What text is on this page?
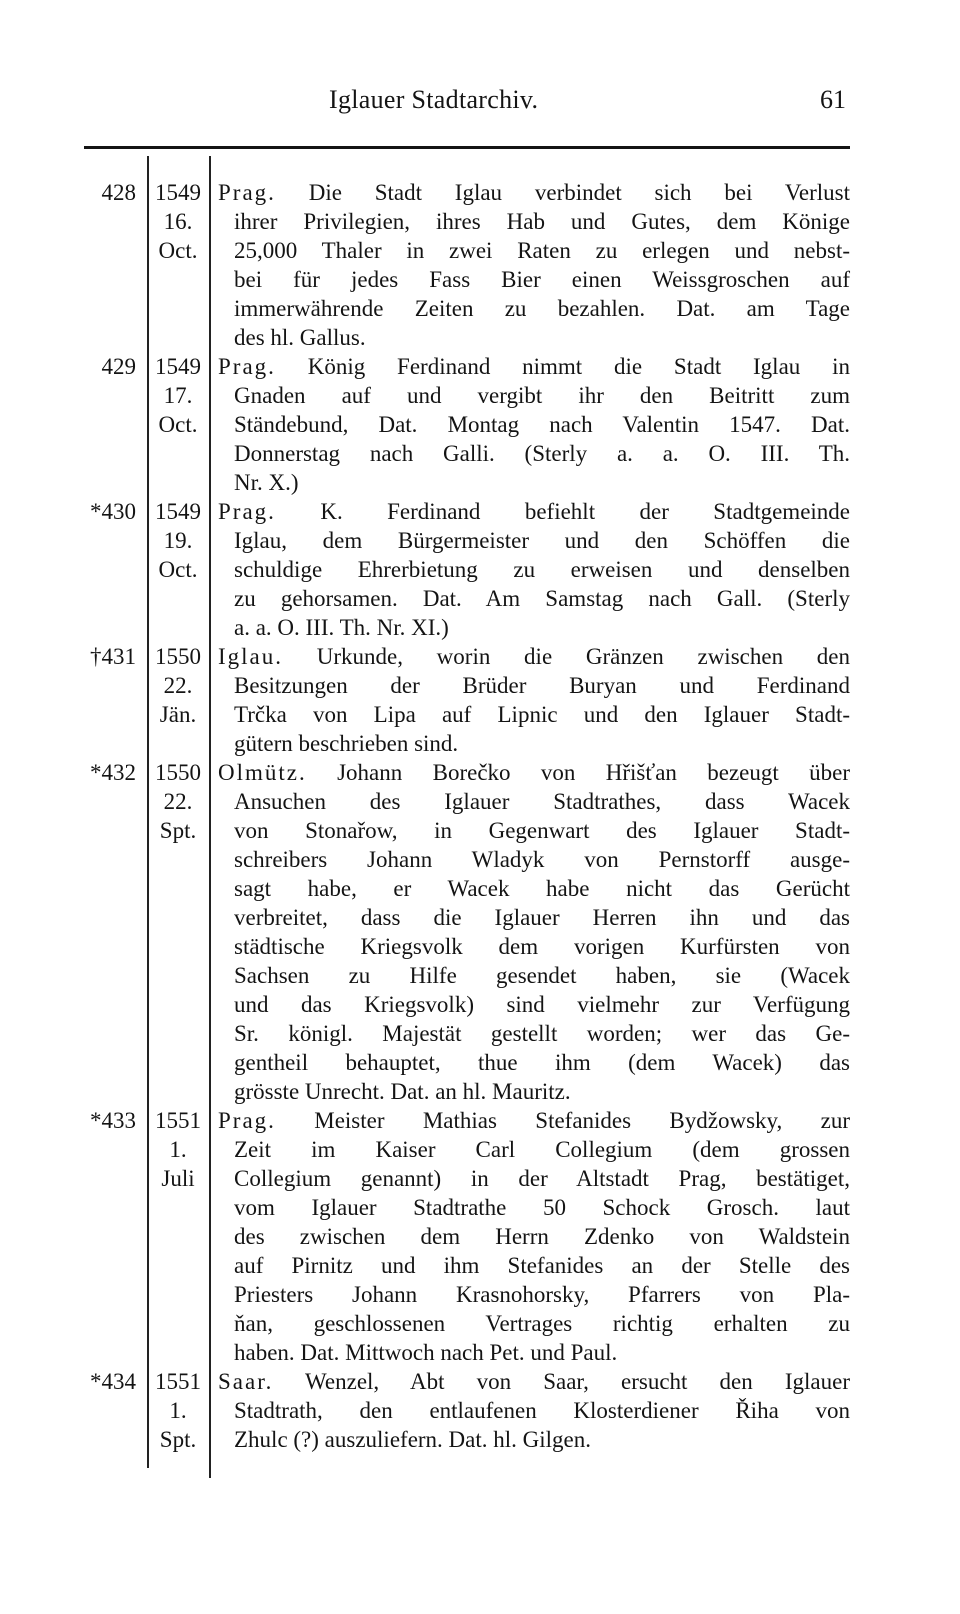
Iglauer Stadtarchiv.	61
428 1549
16.
Oct.
Prag. Die Stadt Iglau verbindet sich bei Verlust
ihrer Privilegien, ihres Hab und Gutes, dem Könige
25,000 Thaler in zwei Raten zu erlegen und nebst-
bei für jedes Fass Bier einen Weissgroschen auf
immerwährende Zeiten zu bezahlen. Dat. am Tage
des hl. Gallus.
429 1549
17.
Oct.
Prag. König Ferdinand nimmt die Stadt Iglau in
Gnaden auf und vergibt ihr den Beitritt zum
Ständebund, Dat. Montag nach Valentin 1547. Dat.
Donnerstag nach Galli. (Sterly a. a. O. III. Th.
Nr. X.)
*430 1549
19.
Oct.
Prag. K. Ferdinand befiehlt der Stadtgemeinde
Iglau, dem Bürgermeister und den Schöffen die
schuldige Ehrerbietung zu erweisen und denselben
zu gehorsamen. Dat. Am Samstag nach Gall. (Sterly
a. a. O. III. Th. Nr. XI.)
†431 1550
22.
Jän.
Iglau. Urkunde, worin die Gränzen zwischen den
Besitzungen der Brüder Buryan und Ferdinand
Trčka von Lipa auf Lipnic und den Iglauer Stadt-
gütern beschrieben sind.
*432 1550
22.
Spt.
Olmütz. Johann Borečko von Hřišťan bezeugt über
Ansuchen des Iglauer Stadtrathes, dass Wacek
von Stonařow, in Gegenwart des Iglauer Stadt-
schreibers Johann Wladyk von Pernstorff ausge-
sagt habe, er Wacek habe nicht das Gerücht
verbreitet, dass die Iglauer Herren ihn und das
städtische Kriegsvolk dem vorigen Kurfürsten von
Sachsen zu Hilfe gesendet haben, sie (Wacek
und das Kriegsvolk) sind vielmehr zur Verfügung
Sr. königl. Majestät gestellt worden; wer das Ge-
gentheil behauptet, thue ihm (dem Wacek) das
grösste Unrecht. Dat. an hl. Mauritz.
*433 1551
1.
Juli
Prag. Meister Mathias Stefanides Bydžowsky, zur
Zeit im Kaiser Carl Collegium (dem grossen
Collegium genannt) in der Altstadt Prag, bestätiget,
vom Iglauer Stadtrathe 50 Schock Grosch. laut
des zwischen dem Herrn Zdenko von Waldstein
auf Pirnitz und ihm Stefanides an der Stelle des
Priesters Johann Krasnohorsky, Pfarrers von Pla-
ňan, geschlossenen Vertrages richtig erhalten zu
haben. Dat. Mittwoch nach Pet. und Paul.
*434 1551
1.
Spt.
Saar. Wenzel, Abt von Saar, ersucht den Iglauer
Stadtrath, den entlaufenen Klosterdiener Řiha von
Zhulc (?) auszuliefern. Dat. hl. Gilgen.
